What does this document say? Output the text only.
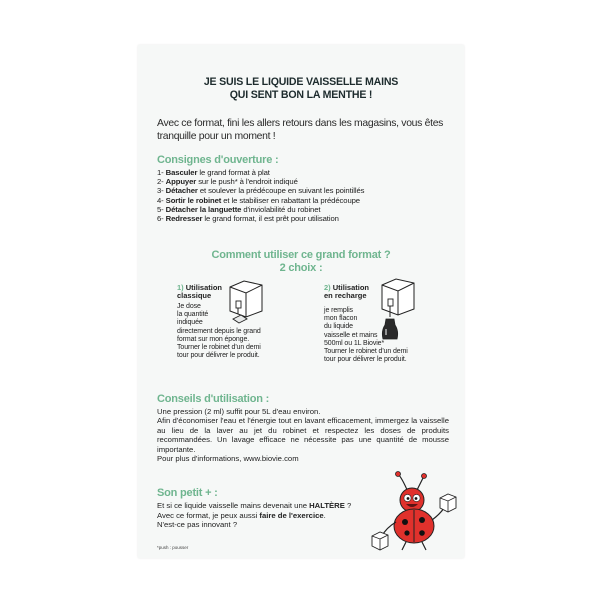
JE SUIS LE LIQUIDE VAISSELLE MAINS
QUI SENT BON LA MENTHE !
Avec ce format, fini les allers retours dans les magasins, vous êtes
tranquille pour un moment !
Consignes d'ouverture :
1- Basculer le grand format à plat
2- Appuyer sur le push* à l'endroit indiqué
3- Détacher et soulever la prédécoupe en suivant les pointillés
4- Sortir le robinet et le stabiliser en rabattant la prédécoupe
5- Détacher la languette d'inviolabilité du robinet
6- Redresser le grand format, il est prêt pour utilisation
Comment utiliser ce grand format ?
2 choix :
1) Utilisation
classique
Je dose
la quantité
indiquée
directement depuis le grand
format sur mon éponge.
Tourner le robinet d'un demi
tour pour délivrer le produit.
2) Utilisation
en recharge
je remplis
mon flacon
du liquide
vaisselle et mains
500ml ou 1L Biovie*
Tourner le robinet d'un demi
tour pour délivrer le produit.
Conseils d'utilisation :

Une pression (2 ml) suffit pour 5L d'eau environ.

Afin d'économiser l'eau et l'énergie tout en lavant efficacement, immergez la vaisselle au lieu de la laver au jet du robinet et respectez les doses de produits recommandées. Un lavage efficace ne nécessite pas une quantité de mousse importante.

Pour plus d'informations, www.biovie.com

Son petit + :

Et si ce liquide vaisselle mains devenait une HALTÈRE ?

Avec ce format, je peux aussi faire de l'exercice.

N'est-ce pas innovant ?

*push : pousser
